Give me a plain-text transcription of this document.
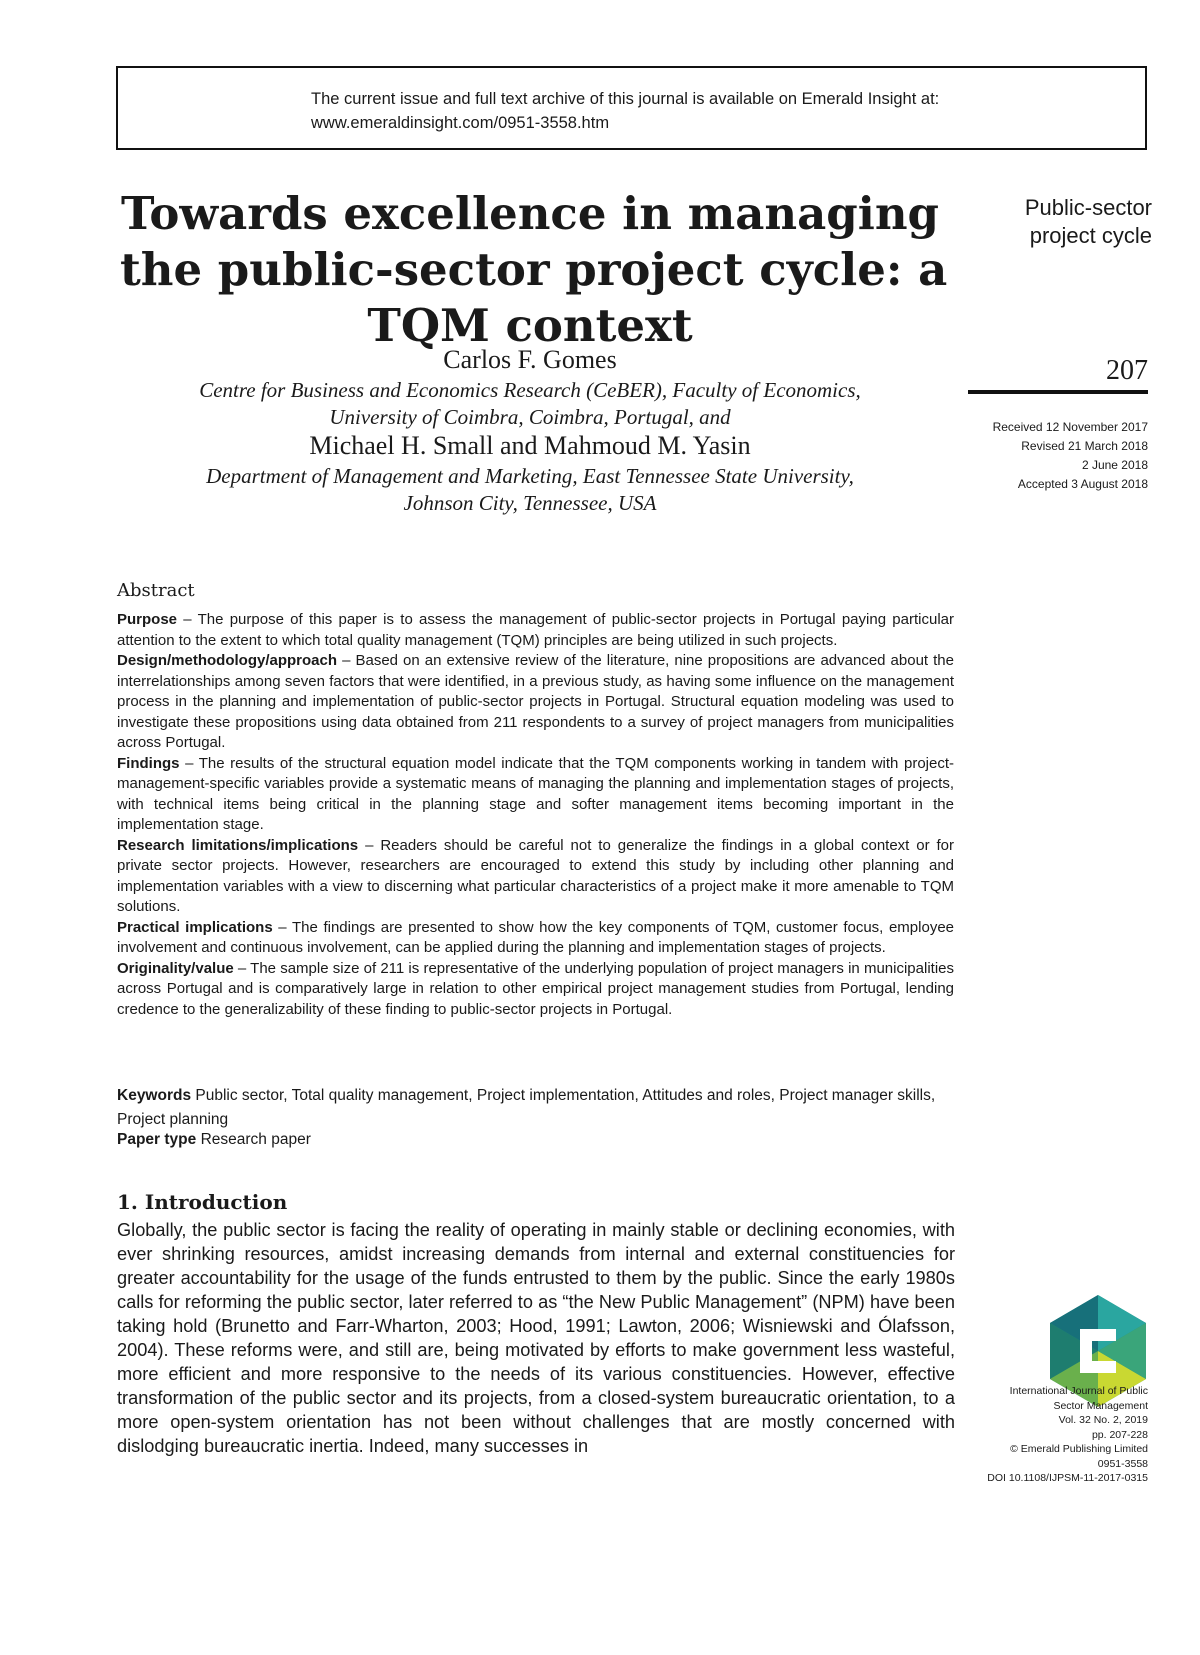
The current issue and full text archive of this journal is available on Emerald Insight at:
www.emeraldinsight.com/0951-3558.htm
Towards excellence in managing
the public-sector project cycle: a
TQM context
Carlos F. Gomes
Centre for Business and Economics Research (CeBER), Faculty of Economics,
University of Coimbra, Coimbra, Portugal, and
Michael H. Small and Mahmoud M. Yasin
Department of Management and Marketing, East Tennessee State University,
Johnson City, Tennessee, USA
Public-sector
project cycle
207
Received 12 November 2017
Revised 21 March 2018
2 June 2018
Accepted 3 August 2018
Abstract

Purpose – The purpose of this paper is to assess the management of public-sector projects in Portugal paying particular attention to the extent to which total quality management (TQM) principles are being utilized in such projects.

Design/methodology/approach – Based on an extensive review of the literature, nine propositions are advanced about the interrelationships among seven factors that were identified, in a previous study, as having some influence on the management process in the planning and implementation of public-sector projects in Portugal. Structural equation modeling was used to investigate these propositions using data obtained from 211 respondents to a survey of project managers from municipalities across Portugal.

Findings – The results of the structural equation model indicate that the TQM components working in tandem with project-management-specific variables provide a systematic means of managing the planning and implementation stages of projects, with technical items being critical in the planning stage and softer management items becoming important in the implementation stage.

Research limitations/implications – Readers should be careful not to generalize the findings in a global context or for private sector projects. However, researchers are encouraged to extend this study by including other planning and implementation variables with a view to discerning what particular characteristics of a project make it more amenable to TQM solutions.

Practical implications – The findings are presented to show how the key components of TQM, customer focus, employee involvement and continuous involvement, can be applied during the planning and implementation stages of projects.

Originality/value – The sample size of 211 is representative of the underlying population of project managers in municipalities across Portugal and is comparatively large in relation to other empirical project management studies from Portugal, lending credence to the generalizability of these finding to public-sector projects in Portugal.

Keywords Public sector, Total quality management, Project implementation, Attitudes and roles, Project manager skills, Project planning
Paper type Research paper
1. Introduction

Globally, the public sector is facing the reality of operating in mainly stable or declining economies, with ever shrinking resources, amidst increasing demands from internal and external constituencies for greater accountability for the usage of the funds entrusted to them by the public. Since the early 1980s calls for reforming the public sector, later referred to as “the New Public Management” (NPM) have been taking hold (Brunetto and Farr-Wharton, 2003; Hood, 1991; Lawton, 2006; Wisniewski and Ólafsson, 2004). These reforms were, and still are, being motivated by efforts to make government less wasteful, more efficient and more responsive to the needs of its various constituencies. However, effective transformation of the public sector and its projects, from a closed-system bureaucratic orientation, to a more open-system orientation has not been without challenges that are mostly concerned with dislodging bureaucratic inertia. Indeed, many successes in

International Journal of Public
Sector Management
Vol. 32 No. 2, 2019
pp. 207-228
© Emerald Publishing Limited
0951-3558
DOI 10.1108/IJPSM-11-2017-0315
